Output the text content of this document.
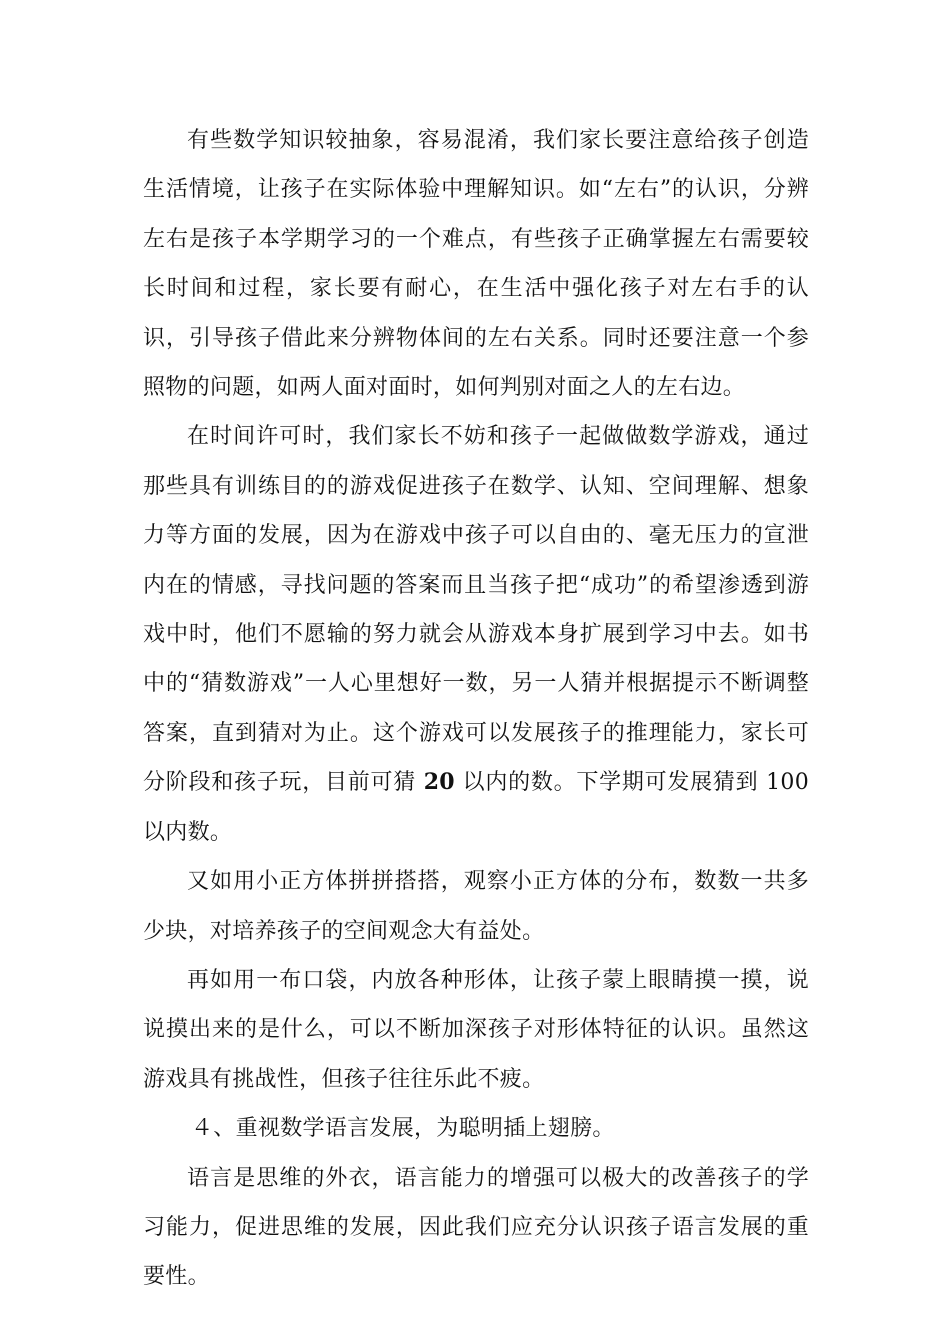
有些数学知识较抽象，容易混淆，我们家长要注意给孩子创造生活情境，让孩子在实际体验中理解知识。如“左右”的认识，分辨左右是孩子本学期学习的一个难点，有些孩子正确掌握左右需要较长时间和过程，家长要有耐心，在生活中强化孩子对左右手的认识，引导孩子借此来分辨物体间的左右关系。同时还要注意一个参照物的问题，如两人面对面时，如何判别对面之人的左右边。

在时间许可时，我们家长不妨和孩子一起做做数学游戏，通过那些具有训练目的的游戏促进孩子在数学、认知、空间理解、想象力等方面的发展，因为在游戏中孩子可以自由的、毫无压力的宣泄内在的情感，寻找问题的答案而且当孩子把“成功”的希望渗透到游戏中时，他们不愿输的努力就会从游戏本身扩展到学习中去。如书中的“猜数游戏”一人心里想好一数，另一人猜并根据提示不断调整答案，直到猜对为止。这个游戏可以发展孩子的推理能力，家长可分阶段和孩子玩，目前可猜 20 以内的数。下学期可发展猜到 100 以内数。

又如用小正方体拼拼搭搭，观察小正方体的分布，数数一共多少块，对培养孩子的空间观念大有益处。

再如用一布口袋，内放各种形体，让孩子蒙上眼睛摸一摸，说说摸出来的是什么，可以不断加深孩子对形体特征的认识。虽然这游戏具有挑战性，但孩子往往乐此不疲。

４、重视数学语言发展，为聪明插上翅膀。

语言是思维的外衣，语言能力的增强可以极大的改善孩子的学习能力，促进思维的发展，因此我们应充分认识孩子语言发展的重要性。
